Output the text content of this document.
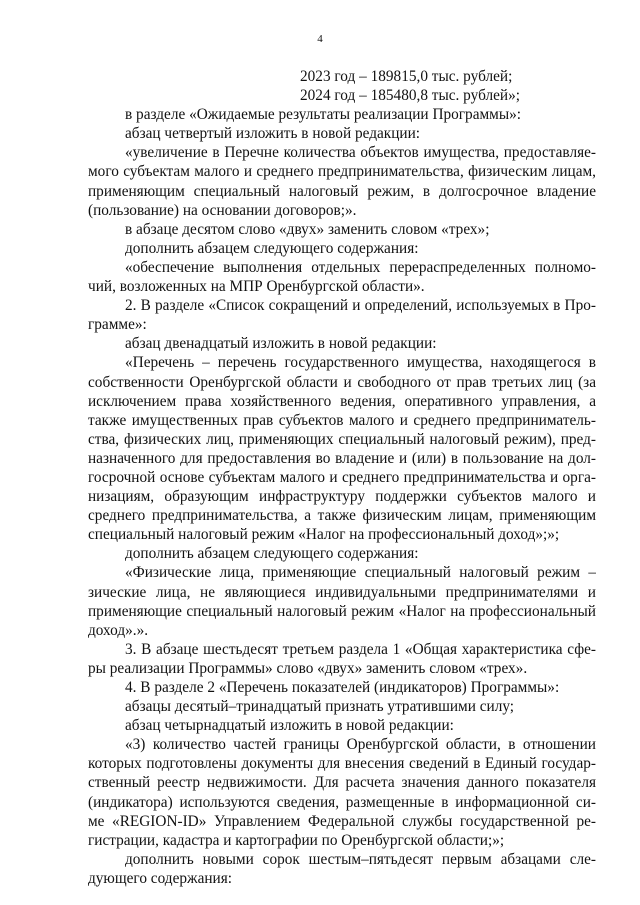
4
2023 год – 189815,0 тыс. рублей;
2024 год – 185480,8 тыс. рублей»;
в разделе «Ожидаемые результаты реализации Программы»:
абзац четвертый изложить в новой редакции:
«увеличение в Перечне количества объектов имущества, предоставляе-
мого субъектам малого и среднего предпринимательства, физическим лицам,
применяющим специальный налоговый режим, в долгосрочное владение
(пользование) на основании договоров;».
в абзаце десятом слово «двух» заменить словом «трех»;
дополнить абзацем следующего содержания:
«обеспечение выполнения отдельных перераспределенных полномо-
чий, возложенных на МПР Оренбургской области».
2. В разделе «Список сокращений и определений, используемых в Про-
грамме»:
абзац двенадцатый изложить в новой редакции:
«Перечень – перечень государственного имущества, находящегося в
собственности Оренбургской области и свободного от прав третьих лиц (за
исключением права хозяйственного ведения, оперативного управления, а
также имущественных прав субъектов малого и среднего предприниматель-
ства, физических лиц, применяющих специальный налоговый режим), пред-
назначенного для предоставления во владение и (или) в пользование на дол-
госрочной основе субъектам малого и среднего предпринимательства и орга-
низациям, образующим инфраструктуру поддержки субъектов малого и
среднего предпринимательства, а также физическим лицам, применяющим
специальный налоговый режим «Налог на профессиональный доход»;»;
дополнить абзацем следующего содержания:
«Физические лица, применяющие специальный налоговый режим –
зические лица, не являющиеся индивидуальными предпринимателями и
применяющие специальный налоговый режим «Налог на профессиональный
доход».».
3. В абзаце шестьдесят третьем раздела 1 «Общая характеристика сфе-
ры реализации Программы» слово «двух» заменить словом «трех».
4. В разделе 2 «Перечень показателей (индикаторов) Программы»:
абзацы десятый–тринадцатый признать утратившими силу;
абзац четырнадцатый изложить в новой редакции:
«3) количество частей границы Оренбургской области, в отношении
которых подготовлены документы для внесения сведений в Единый государ-
ственный реестр недвижимости. Для расчета значения данного показателя
(индикатора) используются сведения, размещенные в информационной си
ме «REGION-ID» Управлением Федеральной службы государственной ре-
гистрации, кадастра и картографии по Оренбургской области;»;
дополнить новыми сорок шестым–пятьдесят первым абзацами сле-
дующего содержания:
